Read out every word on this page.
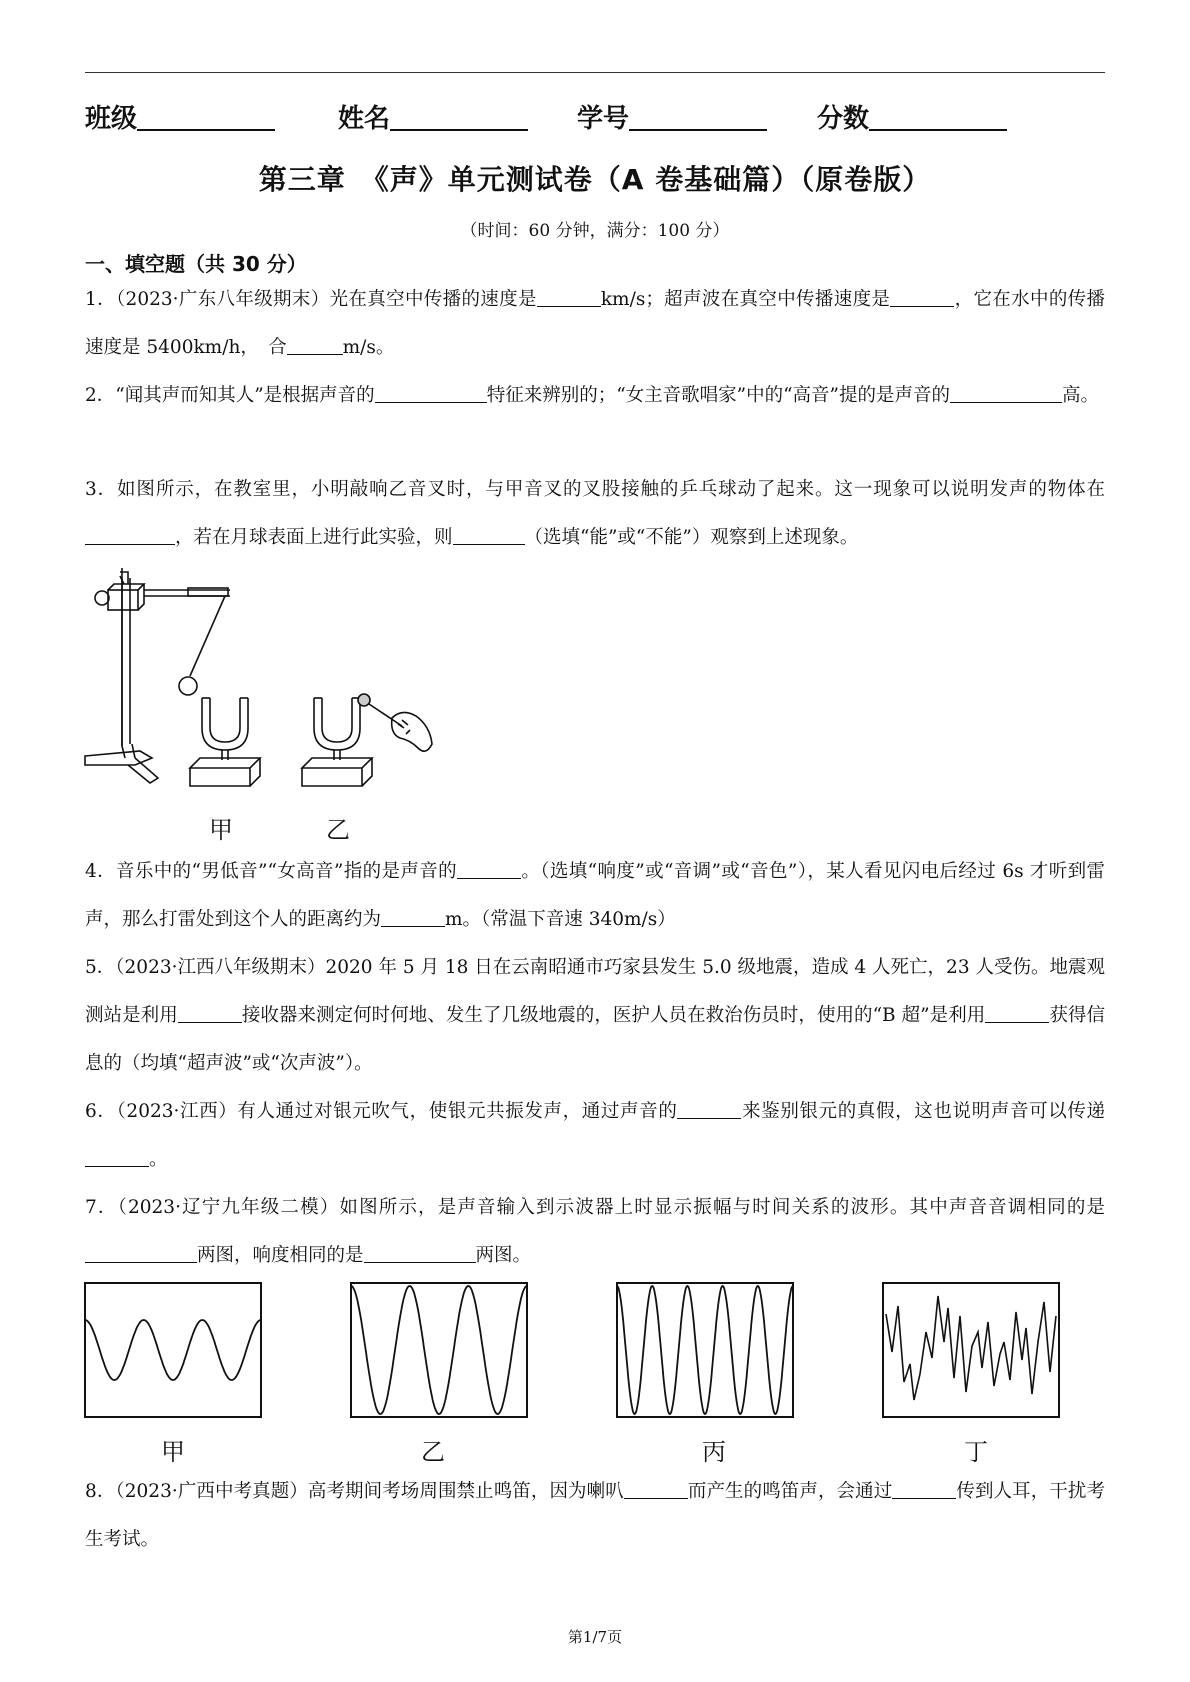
班级	姓名	学号	分数
第三章　《声》单元测试卷（A 卷基础篇）（原卷版）
（时间：60 分钟，满分：100 分）
一、填空题（共 30 分）
1．（2023·广东八年级期末）光在真空中传播的速度是	km/s；超声波在真空中传播速度是	，它在水中的传播速度是 5400km/h，　合	m/s。
2．“闻其声而知其人”是根据声音的	特征来辨别的；“女主音歌唱家”中的“高音”提的是声音的	高。
3．如图所示，在教室里，小明敲响乙音叉时，与甲音叉的叉股接触的乒乓球动了起来。这一现象可以说明发声的物体在，若在月球表面上进行此实验，则	（选填“能”或“不能”）观察到上述现象。
甲	乙
4．音乐中的“男低音”“女高音”指的是声音的	。（选填“响度”或“音调”或“音色”），某人看见闪电后经过 6s 才听到雷声，那么打雷处到这个人的距离约为	m。（常温下音速 340m/s）
5．（2023·江西八年级期末）2020 年 5 月 18 日在云南昭通市巧家县发生 5.0 级地震，造成 4 人死亡，23 人受伤。地震观测站是利用	接收器来测定何时何地、发生了几级地震的，医护人员在救治伤员时，使用的“B 超”是利用	获得信息的（均填“超声波”或“次声波”）。
6．（2023·江西）有人通过对银元吹气，使银元共振发声，通过声音的	来鉴别银元的真假，这也说明声音可以传递。
7．（2023·辽宁九年级二模）如图所示，是声音输入到示波器上时显示振幅与时间关系的波形。其中声音音调相同的是两图，响度相同的是	两图。
甲	乙	丙	丁
8．（2023·广西中考真题）高考期间考场周围禁止鸣笛，因为喇叭	而产生的鸣笛声，会通过	传到人耳，干扰考生考试。
第1/7页
